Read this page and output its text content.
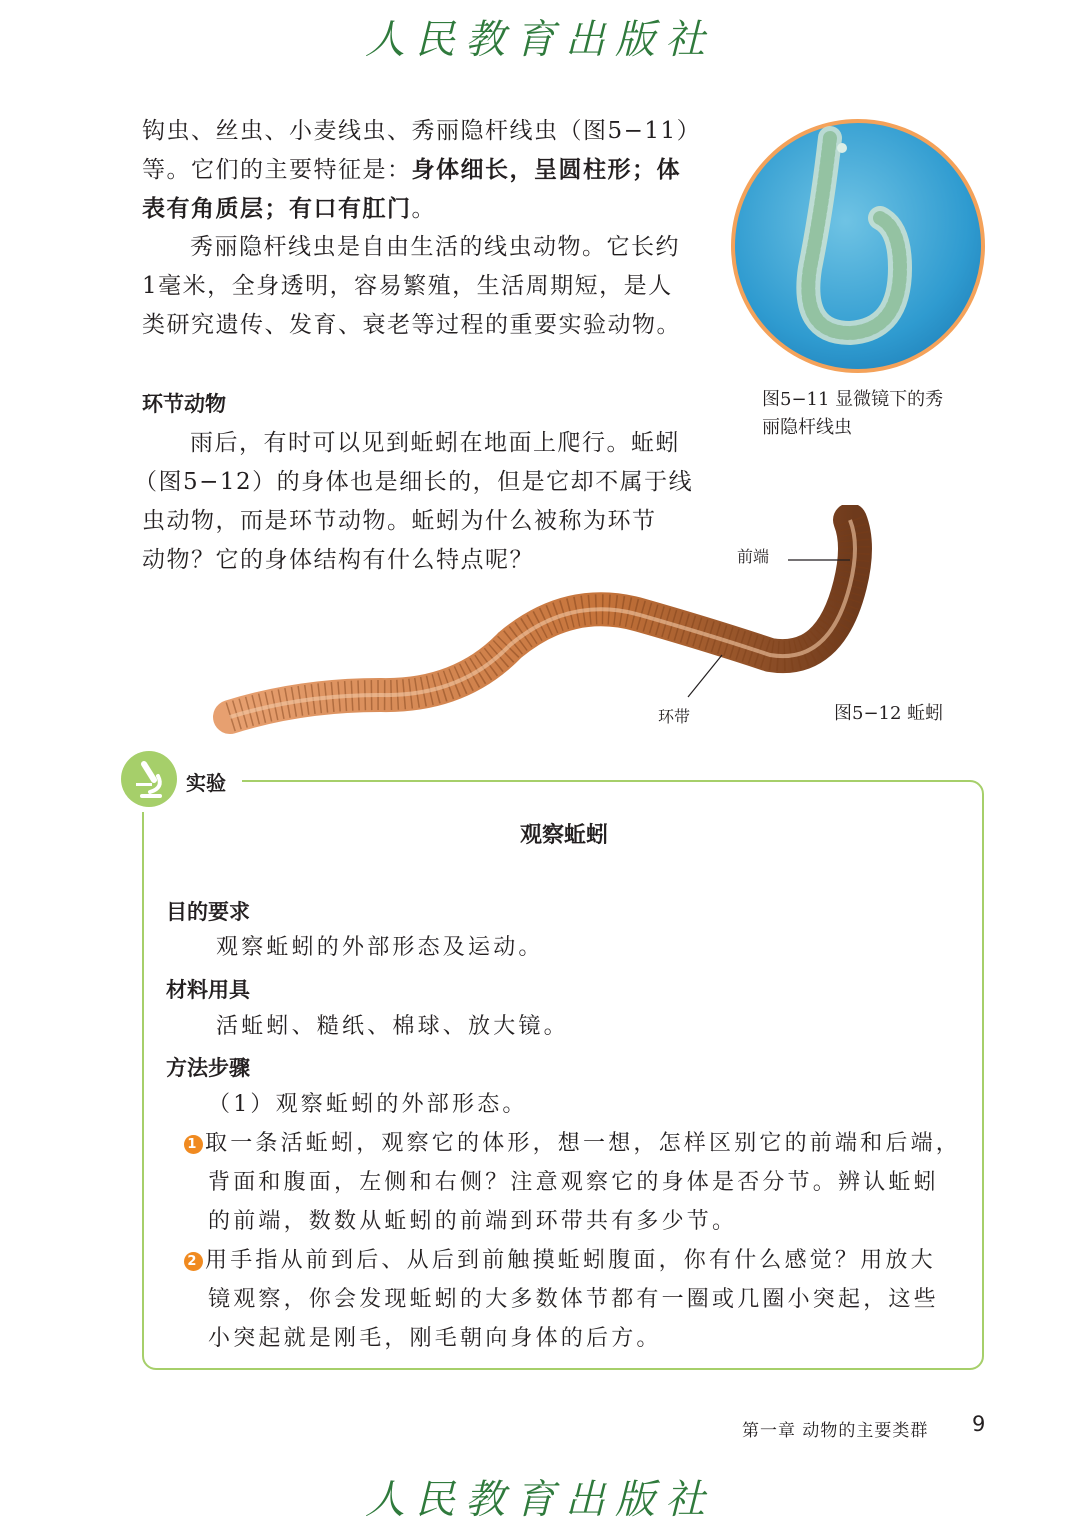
人民教育出版社
钩虫、丝虫、小麦线虫、秀丽隐杆线虫（图5−11）
等。它们的主要特征是：身体细长，呈圆柱形；体
表有角质层；有口有肛门。
秀丽隐杆线虫是自由生活的线虫动物。它长约
1毫米，全身透明，容易繁殖，生活周期短，是人
类研究遗传、发育、衰老等过程的重要实验动物。
图5−11 显微镜下的秀
丽隐杆线虫
环节动物
雨后，有时可以见到蚯蚓在地面上爬行。蚯蚓
（图5−12）的身体也是细长的，但是它却不属于线
虫动物，而是环节动物。蚯蚓为什么被称为环节
动物？它的身体结构有什么特点呢？	前端
环带	图5−12 蚯蚓
实验
观察蚯蚓
目的要求
观察蚯蚓的外部形态及运动。
材料用具
活蚯蚓、糙纸、棉球、放大镜。
方法步骤
（1）观察蚯蚓的外部形态。
1 取一条活蚯蚓，观察它的体形，想一想，怎样区别它的前端和后端，
背面和腹面，左侧和右侧？注意观察它的身体是否分节。辨认蚯蚓
的前端，数数从蚯蚓的前端到环带共有多少节。
2 用手指从前到后、从后到前触摸蚯蚓腹面，你有什么感觉？用放大
镜观察，你会发现蚯蚓的大多数体节都有一圈或几圈小突起，这些
小突起就是刚毛，刚毛朝向身体的后方。
第一章 动物的主要类群 9
人民教育出版社
